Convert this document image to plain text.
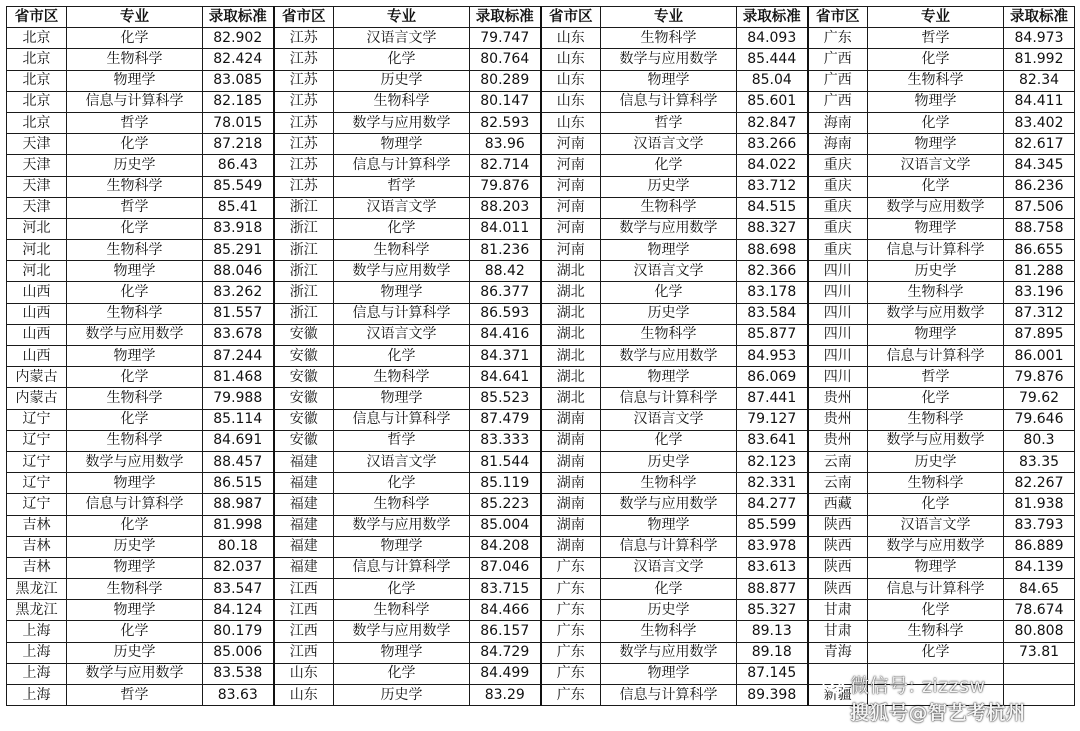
省市区	专业	录取标准	省市区	专业	录取标准	省市区	专业	录取标准	省市区	专业	录取标准
北京	化学	82.902	江苏	汉语言文学	79.747	山东	生物科学	84.093	广东	哲学	84.973
北京	生物科学	82.424	江苏	化学	80.764	山东	数学与应用数学	85.444	广西	化学	81.992
北京	物理学	83.085	江苏	历史学	80.289	山东	物理学	85.04	广西	生物科学	82.34
北京	信息与计算科学	82.185	江苏	生物科学	80.147	山东	信息与计算科学	85.601	广西	物理学	84.411
北京	哲学	78.015	江苏	数学与应用数学	82.593	山东	哲学	82.847	海南	化学	83.402
天津	化学	87.218	江苏	物理学	83.96	河南	汉语言文学	83.266	海南	物理学	82.617
天津	历史学	86.43	江苏	信息与计算科学	82.714	河南	化学	84.022	重庆	汉语言文学	84.345
天津	生物科学	85.549	江苏	哲学	79.876	河南	历史学	83.712	重庆	化学	86.236
天津	哲学	85.41	浙江	汉语言文学	88.203	河南	生物科学	84.515	重庆	数学与应用数学	87.506
河北	化学	83.918	浙江	化学	84.011	河南	数学与应用数学	88.327	重庆	物理学	88.758
河北	生物科学	85.291	浙江	生物科学	81.236	河南	物理学	88.698	重庆	信息与计算科学	86.655
河北	物理学	88.046	浙江	数学与应用数学	88.42	湖北	汉语言文学	82.366	四川	历史学	81.288
山西	化学	83.262	浙江	物理学	86.377	湖北	化学	83.178	四川	生物科学	83.196
山西	生物科学	81.557	浙江	信息与计算科学	86.593	湖北	历史学	83.584	四川	数学与应用数学	87.312
山西	数学与应用数学	83.678	安徽	汉语言文学	84.416	湖北	生物科学	85.877	四川	物理学	87.895
山西	物理学	87.244	安徽	化学	84.371	湖北	数学与应用数学	84.953	四川	信息与计算科学	86.001
内蒙古	化学	81.468	安徽	生物科学	84.641	湖北	物理学	86.069	四川	哲学	79.876
内蒙古	生物科学	79.988	安徽	物理学	85.523	湖北	信息与计算科学	87.441	贵州	化学	79.62
辽宁	化学	85.114	安徽	信息与计算科学	87.479	湖南	汉语言文学	79.127	贵州	生物科学	79.646
辽宁	生物科学	84.691	安徽	哲学	83.333	湖南	化学	83.641	贵州	数学与应用数学	80.3
辽宁	数学与应用数学	88.457	福建	汉语言文学	81.544	湖南	历史学	82.123	云南	历史学	83.35
辽宁	物理学	86.515	福建	化学	85.119	湖南	生物科学	82.331	云南	生物科学	82.267
辽宁	信息与计算科学	88.987	福建	生物科学	85.223	湖南	数学与应用数学	84.277	西藏	化学	81.938
吉林	化学	81.998	福建	数学与应用数学	85.004	湖南	物理学	85.599	陕西	汉语言文学	83.793
吉林	历史学	80.18	福建	物理学	84.208	湖南	信息与计算科学	83.978	陕西	数学与应用数学	86.889
吉林	物理学	82.037	福建	信息与计算科学	87.046	广东	汉语言文学	83.613	陕西	物理学	84.139
黑龙江	生物科学	83.547	江西	化学	83.715	广东	化学	88.877	陕西	信息与计算科学	84.65
黑龙江	物理学	84.124	江西	生物科学	84.466	广东	历史学	85.327	甘肃	化学	78.674
上海	化学	80.179	江西	数学与应用数学	86.157	广东	生物科学	89.13	甘肃	生物科学	80.808
上海	历史学	85.006	江西	物理学	84.729	广东	数学与应用数学	89.18	青海	化学	73.81
上海	数学与应用数学	83.538	山东	化学	84.499	广东	物理学	87.145			
上海	哲学	83.63	山东	历史学	83.29	广东	信息与计算科学	89.398	新疆		
微信号: zizzsw
搜狐号@智艺考杭州
